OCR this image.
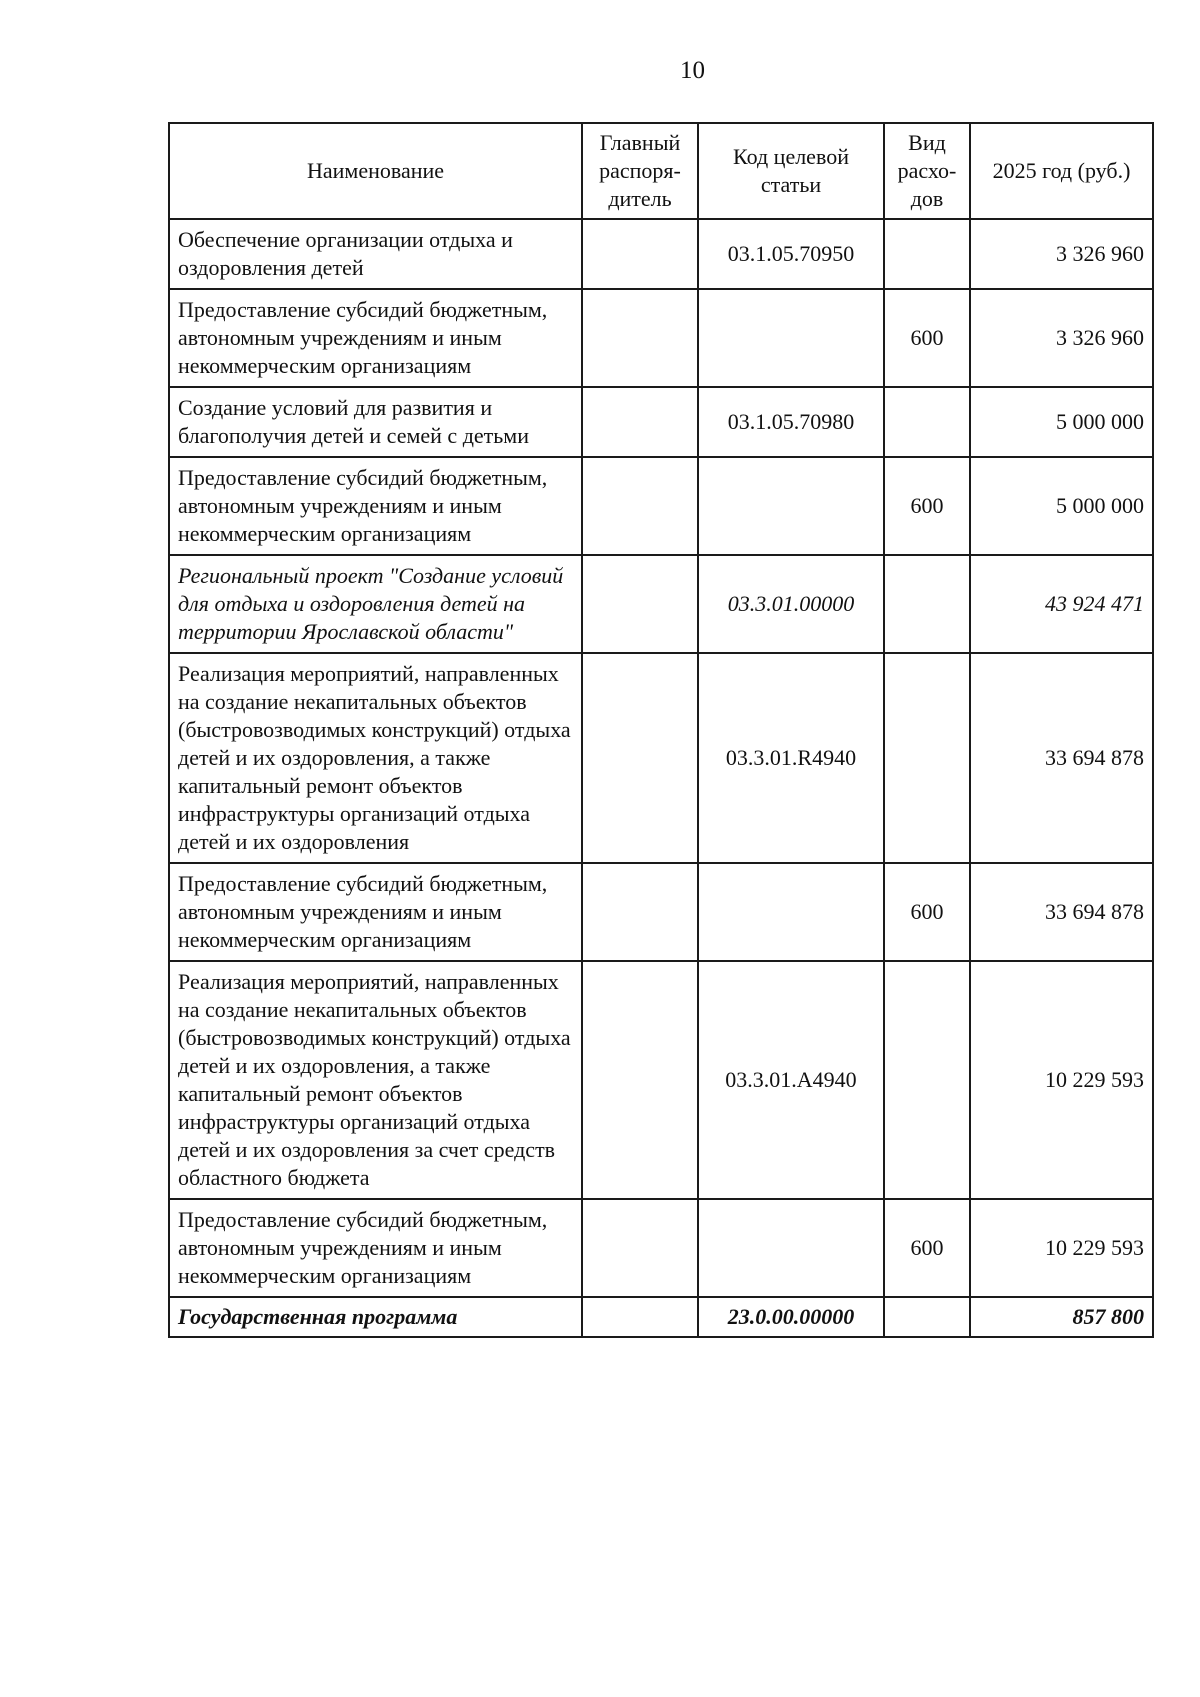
10
Наименование	Главный распоря-дитель	Код целевой статьи	Вид расхо-дов	2025 год (руб.)
Обеспечение организации отдыха и оздоровления детей		03.1.05.70950		3 326 960
Предоставление субсидий бюджетным, автономным учреждениям и иным некоммерческим организациям			600	3 326 960
Создание условий для развития и благополучия детей и семей с детьми		03.1.05.70980		5 000 000
Предоставление субсидий бюджетным, автономным учреждениям и иным некоммерческим организациям			600	5 000 000
Региональный проект "Создание условий для отдыха и оздоровления детей на территории Ярославской области"		03.3.01.00000		43 924 471
Реализация мероприятий, направленных на создание некапитальных объектов (быстровозводимых конструкций) отдыха детей и их оздоровления, а также капитальный ремонт объектов инфраструктуры организаций отдыха детей и их оздоровления		03.3.01.R4940		33 694 878
Предоставление субсидий бюджетным, автономным учреждениям и иным некоммерческим организациям			600	33 694 878
Реализация мероприятий, направленных на создание некапитальных объектов (быстровозводимых конструкций) отдыха детей и их оздоровления, а также капитальный ремонт объектов инфраструктуры организаций отдыха детей и их оздоровления за счет средств областного бюджета		03.3.01.A4940		10 229 593
Предоставление субсидий бюджетным, автономным учреждениям и иным некоммерческим организациям			600	10 229 593
Государственная программа		23.0.00.00000		857 800
